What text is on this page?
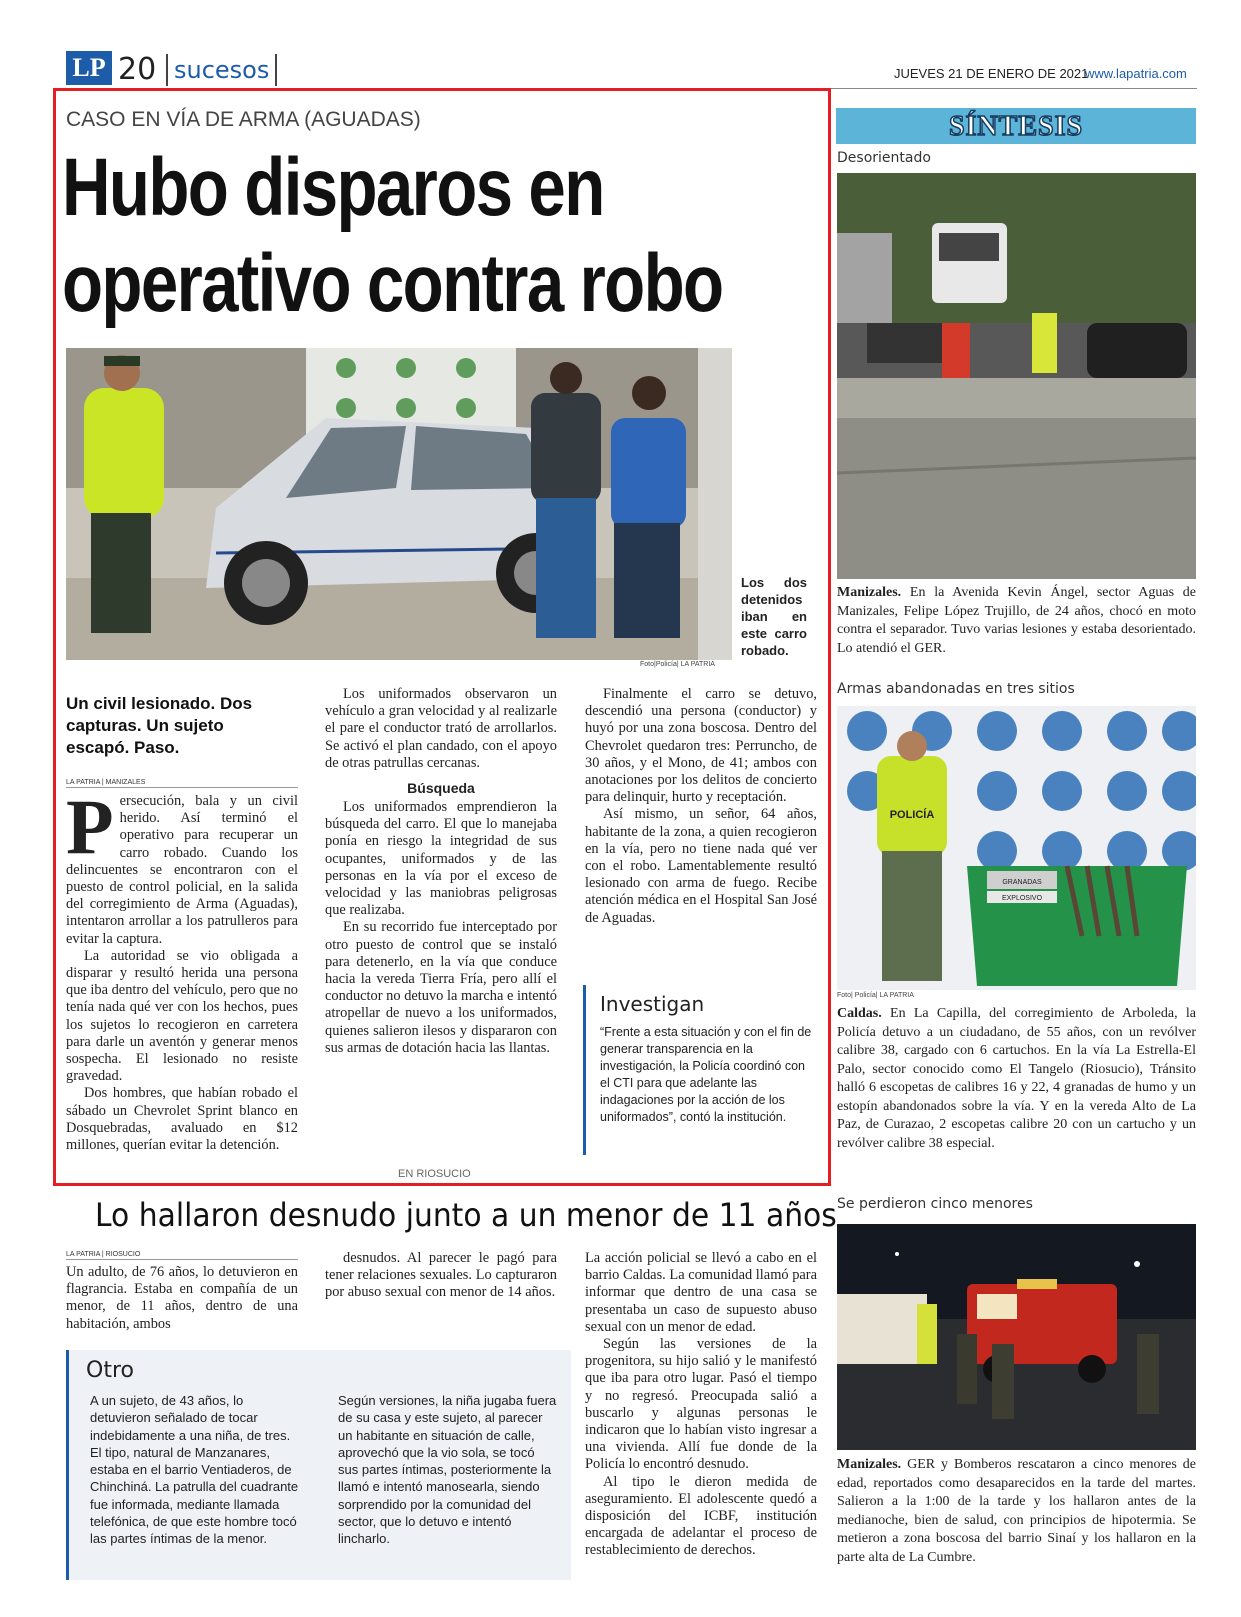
LP 20 sucesos	JUEVES 21 DE ENERO DE 2021
www.lapatria.com
CASO EN VÍA DE ARMA (AGUADAS)
Hubo disparos en
operativo contra robo
Los dos detenidos iban en este carro robado.
Foto|Policía| LA PATRIA
Un civil lesionado. Dos capturas. Un sujeto escapó. Paso.
LA PATRIA | MANIZALES

Persecución, bala y un civil herido. Así terminó el operativo para recuperar un carro robado. Cuando los delincuentes se encontraron con el puesto de control policial, en la salida del corregimiento de Arma (Aguadas), intentaron arrollar a los patrulleros para evitar la captura.

La autoridad se vio obligada a disparar y resultó herida una persona que iba dentro del vehículo, pero que no tenía nada qué ver con los hechos, pues los sujetos lo recogieron en carretera para darle un aventón y generar menos sospecha. El lesionado no resiste gravedad.

Dos hombres, que habían robado el sábado un Chevrolet Sprint blanco en Dosquebradas, avaluado en $12 millones, querían evitar la detención.

Los uniformados observaron un vehículo a gran velocidad y al realizarle el pare el conductor trató de arrollarlos. Se activó el plan candado, con el apoyo de otras patrullas cercanas.

Búsqueda

Los uniformados emprendieron la búsqueda del carro. El que lo manejaba ponía en riesgo la integridad de sus ocupantes, uniformados y de las personas en la vía por el exceso de velocidad y las maniobras peligrosas que realizaba.

En su recorrido fue interceptado por otro puesto de control que se instaló para detenerlo, en la vía que conduce hacia la vereda Tierra Fría, pero allí el conductor no detuvo la marcha e intentó atropellar de nuevo a los uniformados, quienes salieron ilesos y dispararon con sus armas de dotación hacia las llantas.

Finalmente el carro se detuvo, descendió una persona (conductor) y huyó por una zona boscosa. Dentro del Chevrolet quedaron tres: Perruncho, de 30 años, y el Mono, de 41; ambos con anotaciones por los delitos de concierto para delinquir, hurto y receptación.

Así mismo, un señor, 64 años, habitante de la zona, a quien recogieron en la vía, pero no tiene nada qué ver con el robo. Lamentablemente resultó lesionado con arma de fuego. Recibe atención médica en el Hospital San José de Aguadas.

Investigan
“Frente a esta situación y con el fin de generar transparencia en la investigación, la Policía coordinó con el CTI para que adelante las indagaciones por la acción de los uniformados”, contó la institución.
EN RIOSUCIO
SÍNTESIS
Desorientado
Manizales. En la Avenida Kevin Ángel, sector Aguas de Manizales, Felipe López Trujillo, de 24 años, chocó en moto contra el separador. Tuvo varias lesiones y estaba desorientado. Lo atendió el GER.
Armas abandonadas en tres sitios
POLICÍA
GRANADAS
EXPLOSIVO
Foto| Policía| LA PATRIA
Caldas. En La Capilla, del corregimiento de Arboleda, la Policía detuvo a un ciudadano, de 55 años, con un revólver calibre 38, cargado con 6 cartuchos. En la vía La Estrella-El Palo, sector conocido como El Tangelo (Riosucio), Tránsito halló 6 escopetas de calibres 16 y 22, 4 granadas de humo y un estopín abandonados sobre la vía. Y en la vereda Alto de La Paz, de Curazao, 2 escopetas calibre 20 con un cartucho y un revólver calibre 38 especial.
Se perdieron cinco menores
Manizales. GER y Bomberos rescataron a cinco menores de edad, reportados como desaparecidos en la tarde del martes. Salieron a la 1:00 de la tarde y los hallaron antes de la medianoche, bien de salud, con principios de hipotermia. Se metieron a zona boscosa del barrio Sinaí y los hallaron en la parte alta de La Cumbre.
Lo hallaron desnudo junto a un menor de 11 años
LA PATRIA | RIOSUCIO

Un adulto, de 76 años, lo detuvieron en flagrancia. Estaba en compañía de un menor, de 11 años, dentro de una habitación, ambos

desnudos. Al parecer le pagó para tener relaciones sexuales. Lo capturaron por abuso sexual con menor de 14 años.

La acción policial se llevó a cabo en el barrio Caldas. La comunidad llamó para informar que dentro de una casa se presentaba un caso de supuesto abuso sexual con un menor de edad.

Según las versiones de la progenitora, su hijo salió y le manifestó que iba para otro lugar. Pasó el tiempo y no regresó. Preocupada salió a buscarlo y algunas personas le indicaron que lo habían visto ingresar a una vivienda. Allí fue donde de la Policía lo encontró desnudo.

Al tipo le dieron medida de aseguramiento. El adolescente quedó a disposición del ICBF, institución encargada de adelantar el proceso de restablecimiento de derechos.

Otro
A un sujeto, de 43 años, lo detuvieron señalado de tocar indebidamente a una niña, de tres. El tipo, natural de Manzanares, estaba en el barrio Ventiaderos, de Chinchiná. La patrulla del cuadrante fue informada, mediante llamada telefónica, de que este hombre tocó las partes íntimas de la menor.
Según versiones, la niña jugaba fuera de su casa y este sujeto, al parecer un habitante en situación de calle, aprovechó que la vio sola, se tocó sus partes íntimas, posteriormente la llamó e intentó manosearla, siendo sorprendido por la comunidad del sector, que lo detuvo e intentó lincharlo.
